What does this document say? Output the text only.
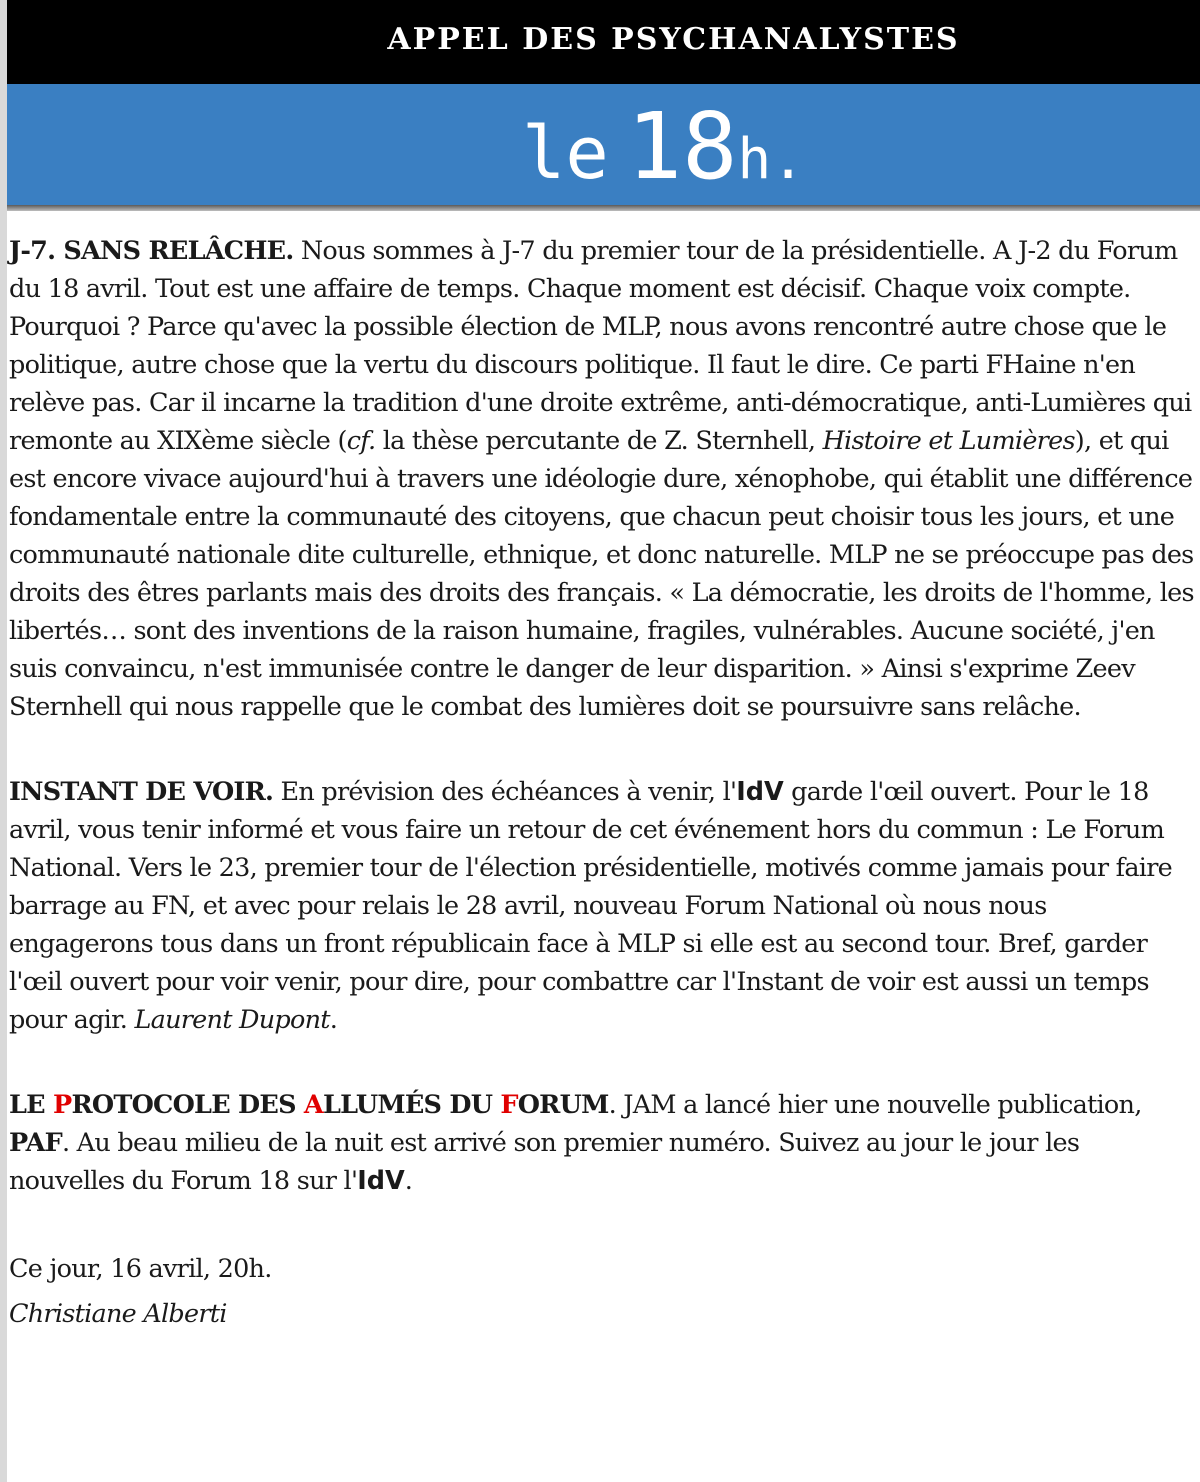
APPEL DES PSYCHANALYSTES
le 18h.

J-7. SANS RELÂCHE. Nous sommes à J-7 du premier tour de la présidentielle. A J-2 du Forum du 18 avril. Tout est une affaire de temps. Chaque moment est décisif. Chaque voix compte. Pourquoi ? Parce qu'avec la possible élection de MLP, nous avons rencontré autre chose que le politique, autre chose que la vertu du discours politique. Il faut le dire. Ce parti FHaine n'en relève pas. Car il incarne la tradition d'une droite extrême, anti-démocratique, anti-Lumières qui remonte au XIXème siècle (cf. la thèse percutante de Z. Sternhell, Histoire et Lumières), et qui est encore vivace aujourd'hui à travers une idéologie dure, xénophobe, qui établit une différence fondamentale entre la communauté des citoyens, que chacun peut choisir tous les jours, et une communauté nationale dite culturelle, ethnique, et donc naturelle. MLP ne se préoccupe pas des droits des êtres parlants mais des droits des français. « La démocratie, les droits de l'homme, les libertés… sont des inventions de la raison humaine, fragiles, vulnérables. Aucune société, j'en suis convaincu, n'est immunisée contre le danger de leur disparition. » Ainsi s'exprime Zeev Sternhell qui nous rappelle que le combat des lumières doit se poursuivre sans relâche.

INSTANT DE VOIR. En prévision des échéances à venir, l'IdV garde l'œil ouvert. Pour le 18 avril, vous tenir informé et vous faire un retour de cet événement hors du commun : Le Forum National. Vers le 23, premier tour de l'élection présidentielle, motivés comme jamais pour faire barrage au FN, et avec pour relais le 28 avril, nouveau Forum National où nous nous engagerons tous dans un front républicain face à MLP si elle est au second tour. Bref, garder l'œil ouvert pour voir venir, pour dire, pour combattre car l'Instant de voir est aussi un temps pour agir. Laurent Dupont.

LE PROTOCOLE DES ALLUMÉS DU FORUM. JAM a lancé hier une nouvelle publication, PAF. Au beau milieu de la nuit est arrivé son premier numéro. Suivez au jour le jour les nouvelles du Forum 18 sur l'IdV.

Ce jour, 16 avril, 20h.
Christiane Alberti
